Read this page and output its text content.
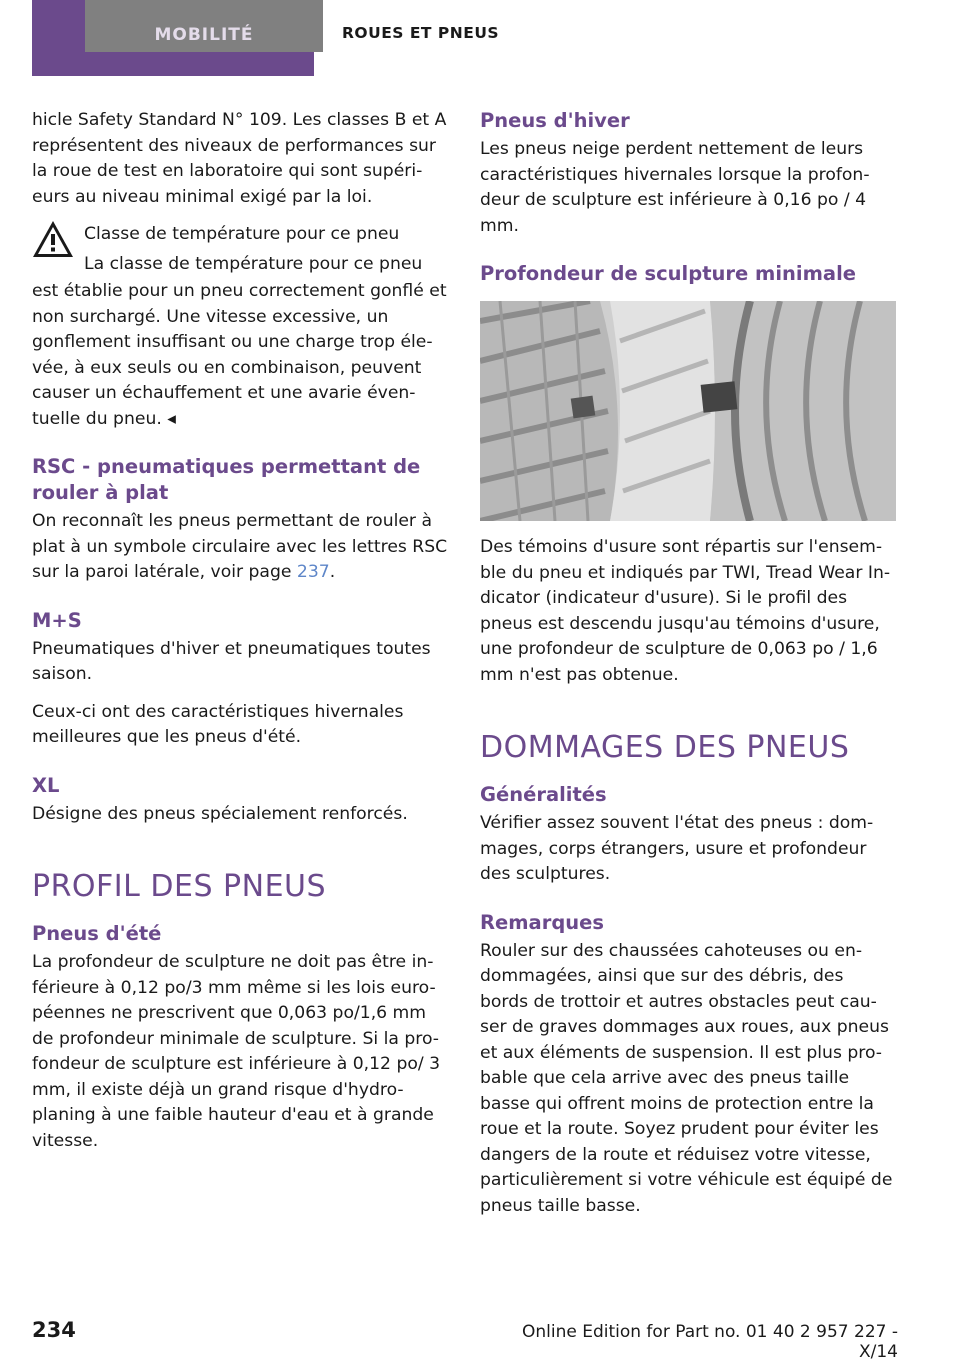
MOBILITÉ	ROUES ET PNEUS

hicle Safety Standard N° 109. Les classes B et A représentent des niveaux de performances sur la roue de test en laboratoire qui sont supéri-eurs au niveau minimal exigé par la loi.

Classe de température pour ce pneu

La classe de température pour ce pneu

est établie pour un pneu correctement gonflé et non surchargé. Une vitesse excessive, un gonflement insuffisant ou une charge trop éle-vée, à eux seuls ou en combinaison, peuvent causer un échauffement et une avarie éven-tuelle du pneu. ◂

RSC - pneumatiques permettant de rouler à plat

On reconnaît les pneus permettant de rouler à plat à un symbole circulaire avec les lettres RSC sur la paroi latérale, voir page 237.

M+S

Pneumatiques d'hiver et pneumatiques toutes saison.

Ceux-ci ont des caractéristiques hivernales meilleures que les pneus d'été.

XL

Désigne des pneus spécialement renforcés.

PROFIL DES PNEUS
Pneus d'été

La profondeur de sculpture ne doit pas être in-férieure à 0,12 po/3 mm même si les lois euro-péennes ne prescrivent que 0,063 po/1,6 mm de profondeur minimale de sculpture. Si la pro-fondeur de sculpture est inférieure à 0,12 po/ 3 mm, il existe déjà un grand risque d'hydro-planing à une faible hauteur d'eau et à grande vitesse.

Pneus d'hiver

Les pneus neige perdent nettement de leurs caractéristiques hivernales lorsque la profon-deur de sculpture est inférieure à 0,16 po / 4 mm.

Profondeur de sculpture minimale

Des témoins d'usure sont répartis sur l'ensem-ble du pneu et indiqués par TWI, Tread Wear In-dicator (indicateur d'usure). Si le profil des pneus est descendu jusqu'au témoins d'usure, une profondeur de sculpture de 0,063 po / 1,6 mm n'est pas obtenue.

DOMMAGES DES PNEUS
Généralités

Vérifier assez souvent l'état des pneus : dom-mages, corps étrangers, usure et profondeur des sculptures.

Remarques

Rouler sur des chaussées cahoteuses ou en-dommagées, ainsi que sur des débris, des bords de trottoir et autres obstacles peut cau-ser de graves dommages aux roues, aux pneus et aux éléments de suspension. Il est plus pro-bable que cela arrive avec des pneus taille basse qui offrent moins de protection entre la roue et la route. Soyez prudent pour éviter les dangers de la route et réduisez votre vitesse, particulièrement si votre véhicule est équipé de pneus taille basse.

234	Online Edition for Part no. 01 40 2 957 227 - X/14
